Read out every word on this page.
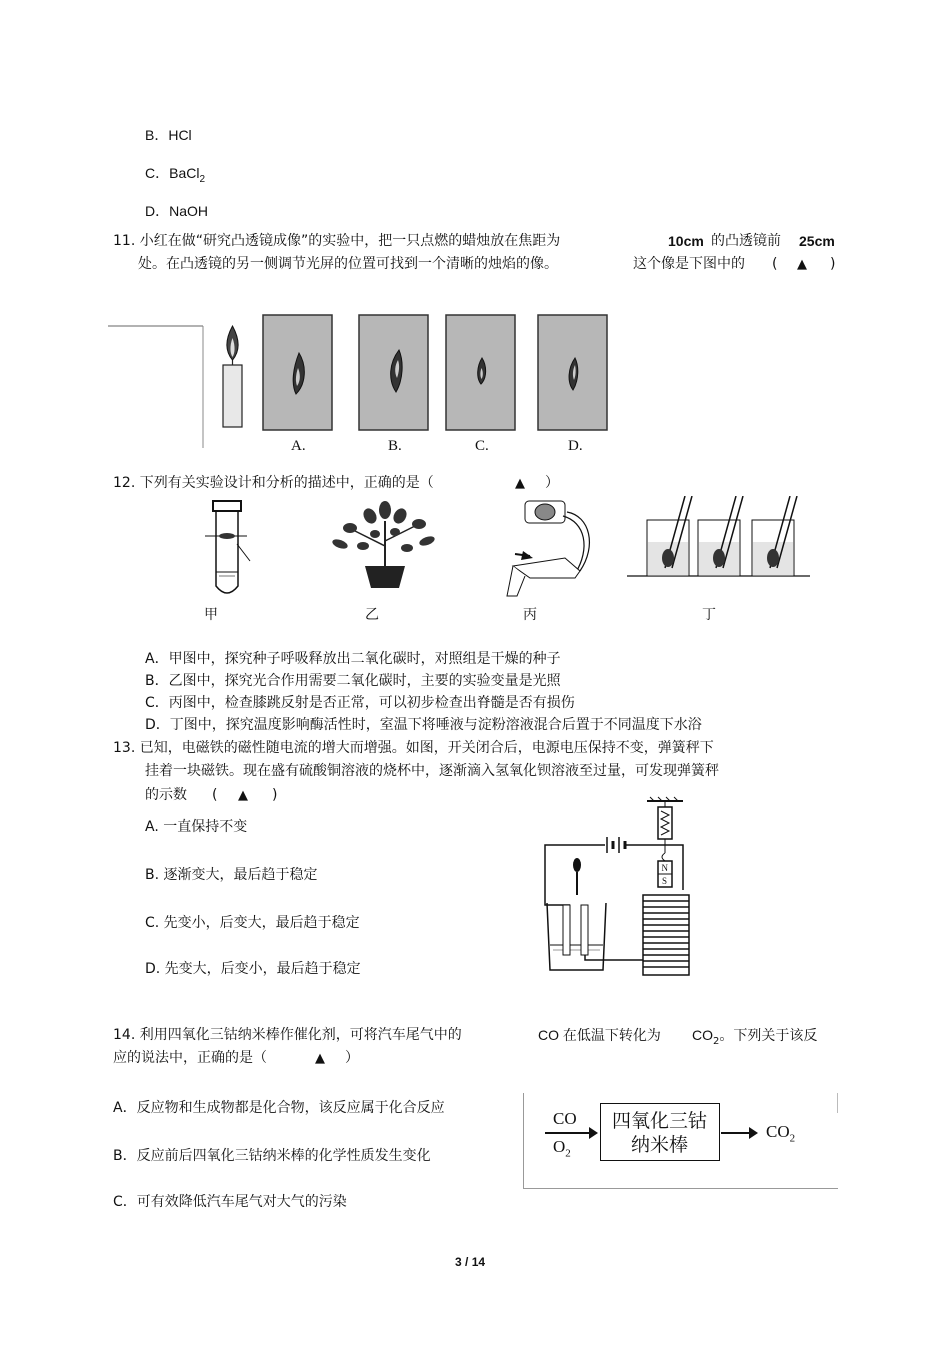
B．HCl
C．BaCl$_2$
D．NaOH
11. 小红在做“研究凸透镜成像”的实验中，把一只点燃的蜡烛放在焦距为	10cm 的凸透镜前 25cm
处。在凸透镜的另一侧调节光屏的位置可找到一个清晰的烛焰的像。	这个像是下图中的 ( ▲ )
A.	B.	C.	D.
12. 下列有关实验设计和分析的描述中，正确的是（	▲ ）
甲	乙	丙	丁
A．甲图中，探究种子呼吸释放出二氧化碳时，对照组是干燥的种子
B．乙图中，探究光合作用需要二氧化碳时，主要的实验变量是光照
C．丙图中，检查膝跳反射是否正常，可以初步检查出脊髓是否有损伤
D．丁图中，探究温度影响酶活性时，室温下将唾液与淀粉溶液混合后置于不同温度下水浴
13. 已知，电磁铁的磁性随电流的增大而增强。如图，开关闭合后，电源电压保持不变，弹簧秤下
挂着一块磁铁。现在盛有硫酸铜溶液的烧杯中，逐渐滴入氢氧化钡溶液至过量，可发现弹簧秤
的示数 ( ▲ )
A. 一直保持不变
B. 逐渐变大，最后趋于稳定
C. 先变小，后变大，最后趋于稳定
D. 先变大，后变小，最后趋于稳定
N
S
14. 利用四氧化三钴纳米棒作催化剂，可将汽车尾气中的	CO 在低温下转化为 $CO_2$。下列关于该反
应的说法中，正确的是（	▲ ）
A．反应物和生成物都是化合物，该反应属于化合反应
B．反应前后四氧化三钴纳米棒的化学性质发生变化
C．可有效降低汽车尾气对大气的污染
CO
$O_2$
四氧化三钴
纳米棒
$CO_2$
3 / 14
